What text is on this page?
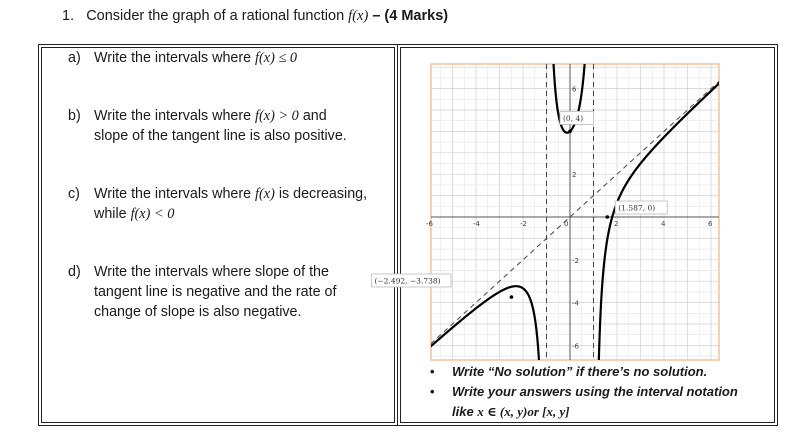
1. Consider the graph of a rational function f(x) – (4 Marks)
a) Write the intervals where f(x) ≤ 0
b) Write the intervals where f(x) > 0 and
slope of the tangent line is also positive.
c) Write the intervals where f(x) is decreasing,
while f(x) < 0
d) Write the intervals where slope of the
tangent line is negative and the rate of
change of slope is also negative.
-6	-4	-2	2	4	6
6
2
-2
-4
-6
0
(0, 4)
(1.587, 0)
(−2.492, −3.738)
• Write “No solution” if there’s no solution.
• Write your answers using the interval notation
like x ∈ (x, y)or [x, y]
